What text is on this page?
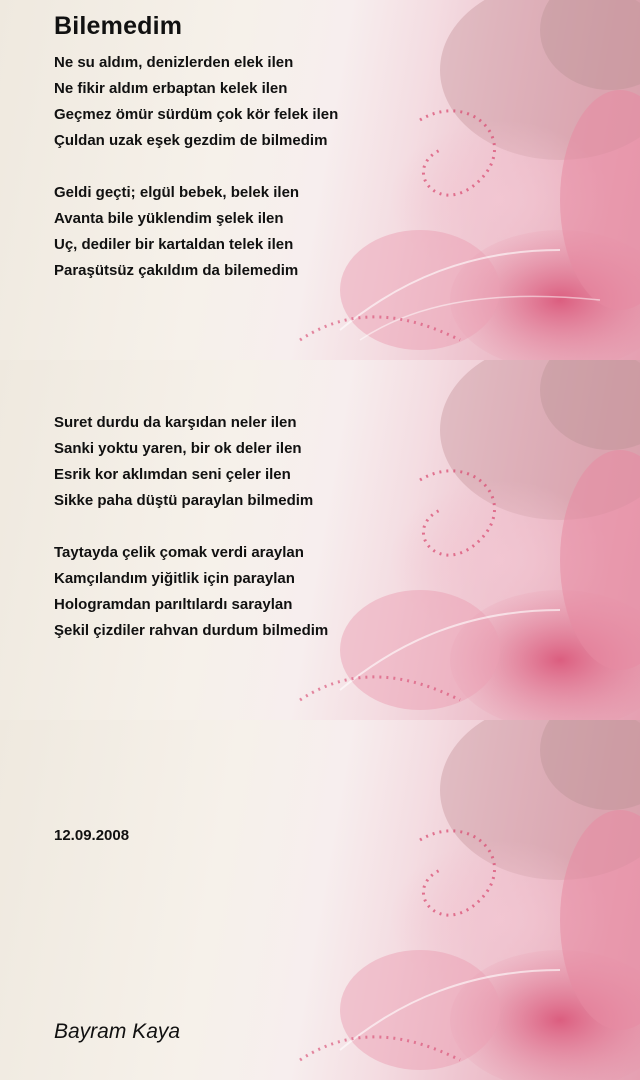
Bilemedim
Ne su aldım, denizlerden elek ilen
Ne fikir aldım erbaptan kelek ilen
Geçmez ömür sürdüm çok kör felek ilen
Çuldan uzak eşek gezdim de bilmedim
Geldi geçti; elgül bebek, belek ilen
Avanta bile yüklendim şelek ilen
Uç, dediler bir kartaldan telek ilen
Paraşütsüz çakıldım da bilemedim
Suret durdu da karşıdan neler ilen
Sanki yoktu yaren, bir ok deler ilen
Esrik kor aklımdan seni çeler ilen
Sikke paha düştü paraylan bilmedim
Taytayda çelik çomak verdi araylan
Kamçılandım yiğitlik için paraylan
Hologramdan parıltılardı saraylan
Şekil çizdiler rahvan durdum bilmedim
12.09.2008
Bayram Kaya
